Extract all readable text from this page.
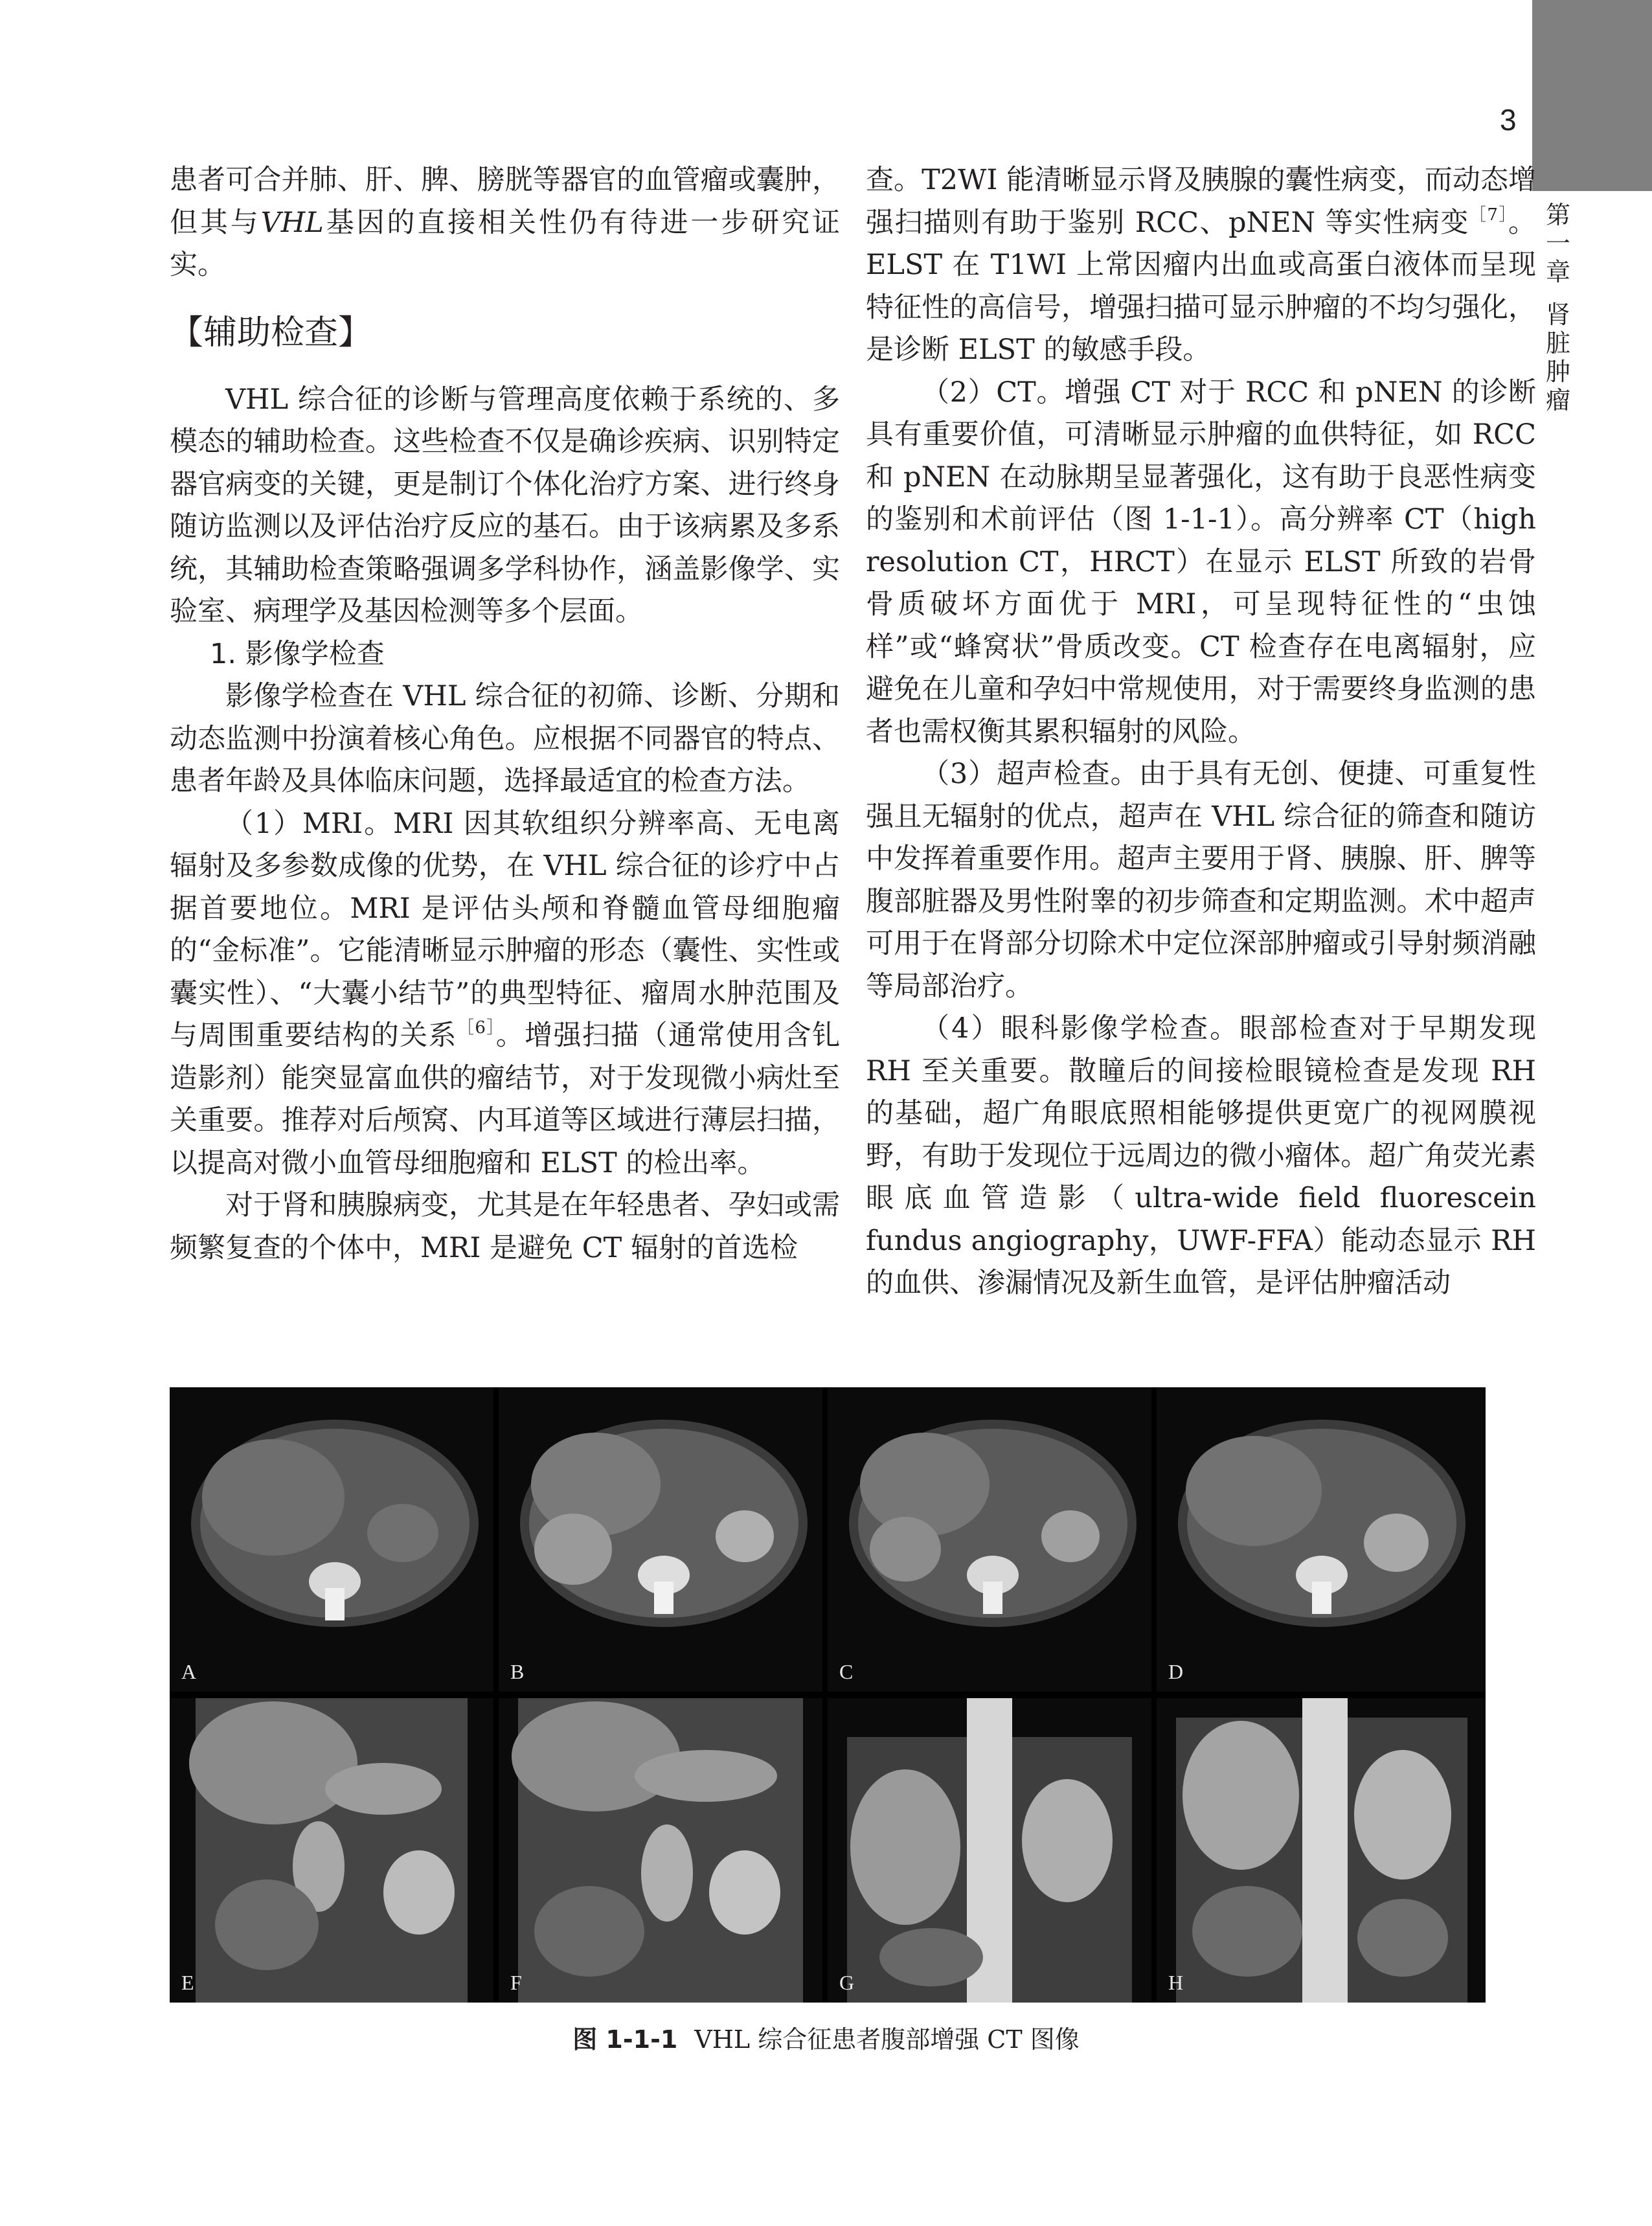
3
第一章
肾脏肿瘤

患者可合并肺、肝、脾、膀胱等器官的血管瘤或囊肿，但其与VHL基因的直接相关性仍有待进一步研究证实。

【辅助检查】

VHL 综合征的诊断与管理高度依赖于系统的、多模态的辅助检查。这些检查不仅是确诊疾病、识别特定器官病变的关键，更是制订个体化治疗方案、进行终身随访监测以及评估治疗反应的基石。由于该病累及多系统，其辅助检查策略强调多学科协作，涵盖影像学、实验室、病理学及基因检测等多个层面。

1. 影像学检查

影像学检查在 VHL 综合征的初筛、诊断、分期和动态监测中扮演着核心角色。应根据不同器官的特点、患者年龄及具体临床问题，选择最适宜的检查方法。

（1）MRI。MRI 因其软组织分辨率高、无电离辐射及多参数成像的优势，在 VHL 综合征的诊疗中占据首要地位。MRI 是评估头颅和脊髓血管母细胞瘤的“金标准”。它能清晰显示肿瘤的形态（囊性、实性或囊实性）、“大囊小结节”的典型特征、瘤周水肿范围及与周围重要结构的关系$^{[6]}$。增强扫描（通常使用含钆造影剂）能突显富血供的瘤结节，对于发现微小病灶至关重要。推荐对后颅窝、内耳道等区域进行薄层扫描，以提高对微小血管母细胞瘤和 ELST 的检出率。

对于肾和胰腺病变，尤其是在年轻患者、孕妇或需频繁复查的个体中，MRI 是避免 CT 辐射的首选检

查。T2WI 能清晰显示肾及胰腺的囊性病变，而动态增强扫描则有助于鉴别 RCC、pNEN 等实性病变$^{[7]}$。ELST 在 T1WI 上常因瘤内出血或高蛋白液体而呈现特征性的高信号，增强扫描可显示肿瘤的不均匀强化，是诊断 ELST 的敏感手段。

（2）CT。增强 CT 对于 RCC 和 pNEN 的诊断具有重要价值，可清晰显示肿瘤的血供特征，如 RCC 和 pNEN 在动脉期呈显著强化，这有助于良恶性病变的鉴别和术前评估（图 1-1-1）。高分辨率 CT（high resolution CT，HRCT）在显示 ELST 所致的岩骨骨质破坏方面优于 MRI，可呈现特征性的“虫蚀样”或“蜂窝状”骨质改变。CT 检查存在电离辐射，应避免在儿童和孕妇中常规使用，对于需要终身监测的患者也需权衡其累积辐射的风险。

（3）超声检查。由于具有无创、便捷、可重复性强且无辐射的优点，超声在 VHL 综合征的筛查和随访中发挥着重要作用。超声主要用于肾、胰腺、肝、脾等腹部脏器及男性附睾的初步筛查和定期监测。术中超声可用于在肾部分切除术中定位深部肿瘤或引导射频消融等局部治疗。

（4）眼科影像学检查。眼部检查对于早期发现 RH 至关重要。散瞳后的间接检眼镜检查是发现 RH 的基础，超广角眼底照相能够提供更宽广的视网膜视野，有助于发现位于远周边的微小瘤体。超广角荧光素眼底血管造影（ultra-wide field fluorescein fundus angiography，UWF-FFA）能动态显示 RH 的血供、渗漏情况及新生血管，是评估肿瘤活动

A	B	C	D
E	F	G	H
图 1-1-1 VHL 综合征患者腹部增强 CT 图像
